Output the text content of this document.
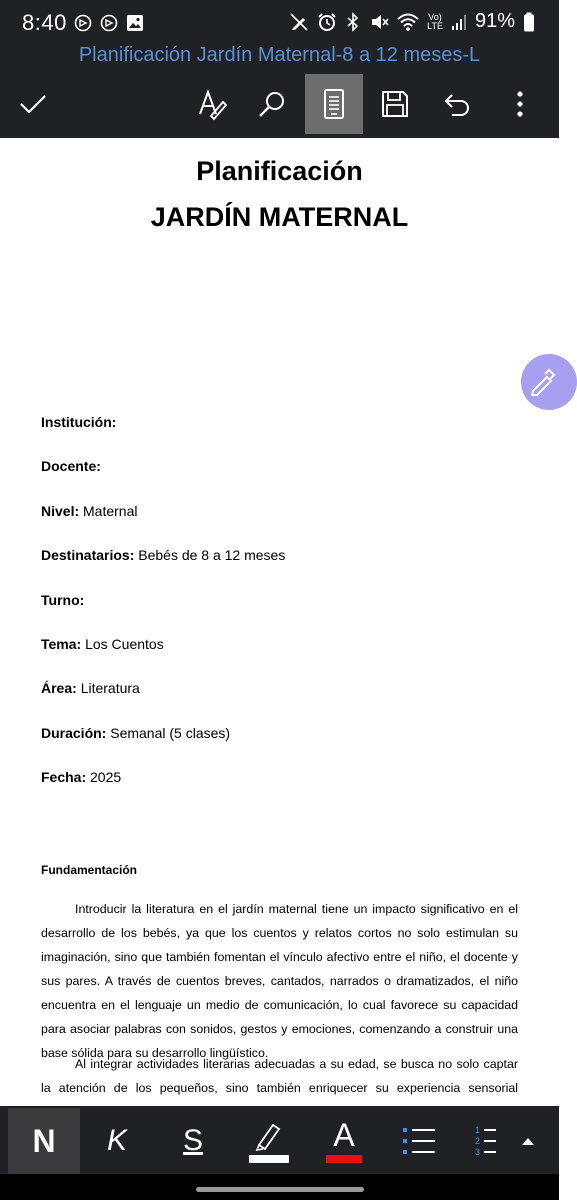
8:40	Vo)
LTE 91%
Planificación Jardín Maternal-8 a 12 meses-L
Planificación
JARDÍN MATERNAL
Institución:
Docente:
Nivel: Maternal
Destinatarios: Bebés de 8 a 12 meses
Turno:
Tema: Los Cuentos
Área: Literatura
Duración: Semanal (5 clases)
Fecha: 2025
Fundamentación
Introducir la literatura en el jardín maternal tiene un impacto significativo en el desarrollo de los bebés, ya que los cuentos y relatos cortos no solo estimulan su imaginación, sino que también fomentan el vínculo afectivo entre el niño, el docente y sus pares. A través de cuentos breves, cantados, narrados o dramatizados, el niño encuentra en el lenguaje un medio de comunicación, lo cual favorece su capacidad para asociar palabras con sonidos, gestos y emociones, comenzando a construir una base sólida para su desarrollo lingüístico.
Al integrar actividades literarias adecuadas a su edad, se busca no solo captar la atención de los pequeños, sino también enriquecer su experiencia sensorial
N	K	S	A	1
2
3
